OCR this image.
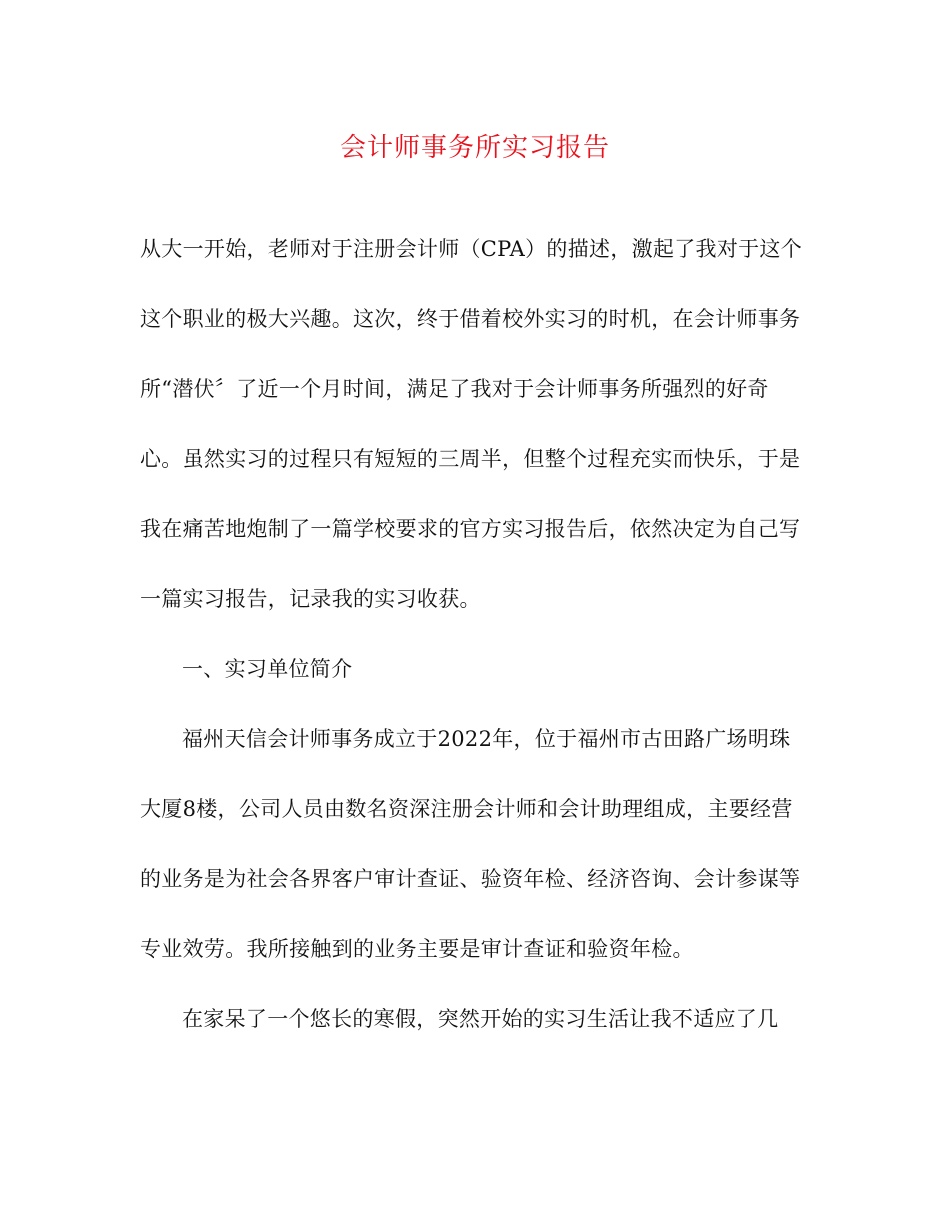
会计师事务所实习报告
从大一开始，老师对于注册会计师（CPA）的描述，激起了我对于这个
这个职业的极大兴趣。这次，终于借着校外实习的时机，在会计师事务
所“潜伏〞了近一个月时间，满足了我对于会计师事务所强烈的好奇
心。虽然实习的过程只有短短的三周半，但整个过程充实而快乐，于是
我在痛苦地炮制了一篇学校要求的官方实习报告后，依然决定为自己写
一篇实习报告，记录我的实习收获。
一、实习单位简介
福州天信会计师事务成立于2022年，位于福州市古田路广场明珠
大厦8楼，公司人员由数名资深注册会计师和会计助理组成，主要经营
的业务是为社会各界客户审计查证、验资年检、经济咨询、会计参谋等
专业效劳。我所接触到的业务主要是审计查证和验资年检。
在家呆了一个悠长的寒假，突然开始的实习生活让我不适应了几
